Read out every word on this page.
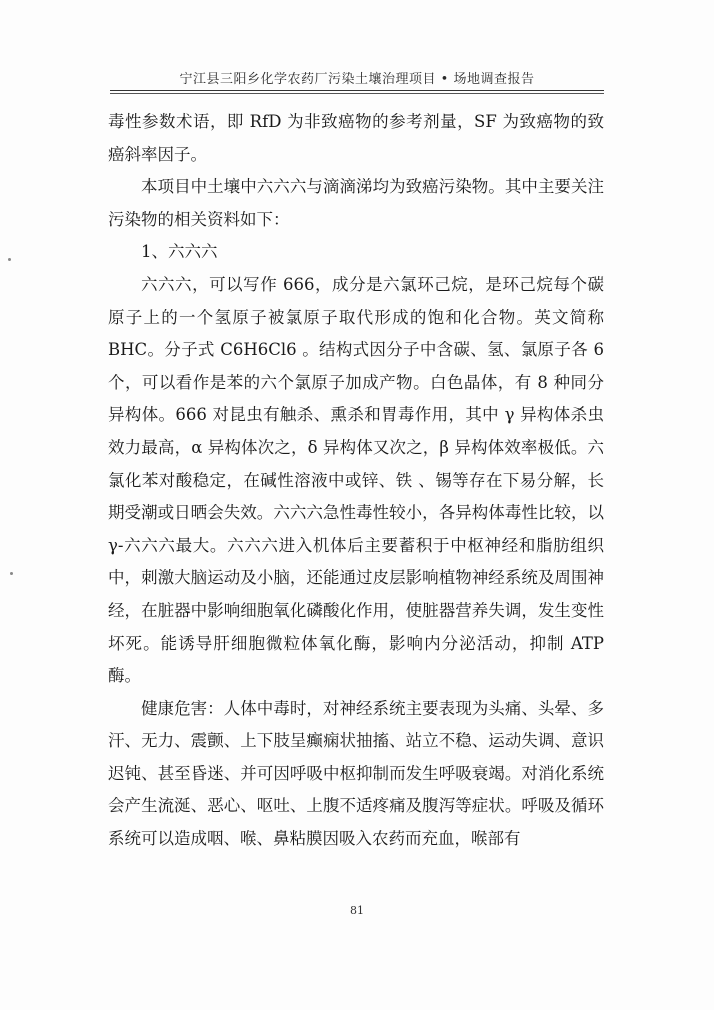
宁江县三阳乡化学农药厂污染土壤治理项目 • 场地调查报告

毒性参数术语，即 RfD 为非致癌物的参考剂量，SF 为致癌物的致癌斜率因子。

本项目中土壤中六六六与滴滴涕均为致癌污染物。其中主要关注污染物的相关资料如下：

1、六六六

六六六，可以写作 666，成分是六氯环己烷，是环己烷每个碳原子上的一个氢原子被氯原子取代形成的饱和化合物。英文简称 BHC。分子式 C6H6Cl6 。结构式因分子中含碳、氢、氯原子各 6 个，可以看作是苯的六个氯原子加成产物。白色晶体，有 8 种同分异构体。666 对昆虫有触杀、熏杀和胃毒作用，其中 γ 异构体杀虫效力最高，α 异构体次之，δ 异构体又次之，β 异构体效率极低。六氯化苯对酸稳定，在碱性溶液中或锌、铁 、锡等存在下易分解，长期受潮或日晒会失效。六六六急性毒性较小，各异构体毒性比较，以 γ-六六六最大。六六六进入机体后主要蓄积于中枢神经和脂肪组织中，刺激大脑运动及小脑，还能通过皮层影响植物神经系统及周围神经，在脏器中影响细胞氧化磷酸化作用，使脏器营养失调，发生变性坏死。能诱导肝细胞微粒体氧化酶，影响内分泌活动，抑制 ATP 酶。

健康危害：人体中毒时，对神经系统主要表现为头痛、头晕、多汗、无力、震颤、上下肢呈癫痫状抽搐、站立不稳、运动失调、意识迟钝、甚至昏迷、并可因呼吸中枢抑制而发生呼吸衰竭。对消化系统会产生流涎、恶心、呕吐、上腹不适疼痛及腹泻等症状。呼吸及循环系统可以造成咽、喉、鼻粘膜因吸入农药而充血，喉部有

81
